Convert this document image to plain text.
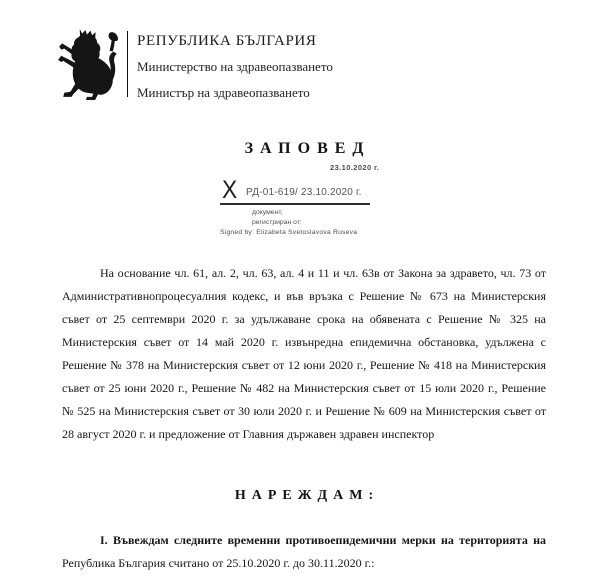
РЕПУБЛИКА БЪЛГАРИЯ
Министерство на здравеопазването
Министър на здравеопазването
ЗАПОВЕД
23.10.2020 г.
X РД-01-619/ 23.10.2020 г.
документ,
регистриран от:
Signed by: Elizabeta Svetoslavova Ruseva
На основание чл. 61, ал. 2, чл. 63, ал. 4 и 11 и чл. 63в от Закона за здравето, чл. 73 от
Административнопроцесуалния кодекс, и във връзка с Решение № 673 на Министерския
съвет от 25 септември 2020 г. за удължаване срока на обявената с Решение № 325 на
Министерския съвет от 14 май 2020 г. извънредна епидемична обстановка, удължена с
Решение № 378 на Министерския съвет от 12 юни 2020 г., Решение № 418 на Министерския
съвет от 25 юни 2020 г., Решение № 482 на Министерския съвет от 15 юли 2020 г., Решение
№ 525 на Министерския съвет от 30 юли 2020 г. и Решение № 609 на Министерския съвет от
28 август 2020 г. и предложение от Главния държавен здравен инспектор
НАРЕЖДАМ:
I. Въвеждам следните временни противоепидемични мерки на територията на
Република България считано от 25.10.2020 г. до 30.11.2020 г.:
